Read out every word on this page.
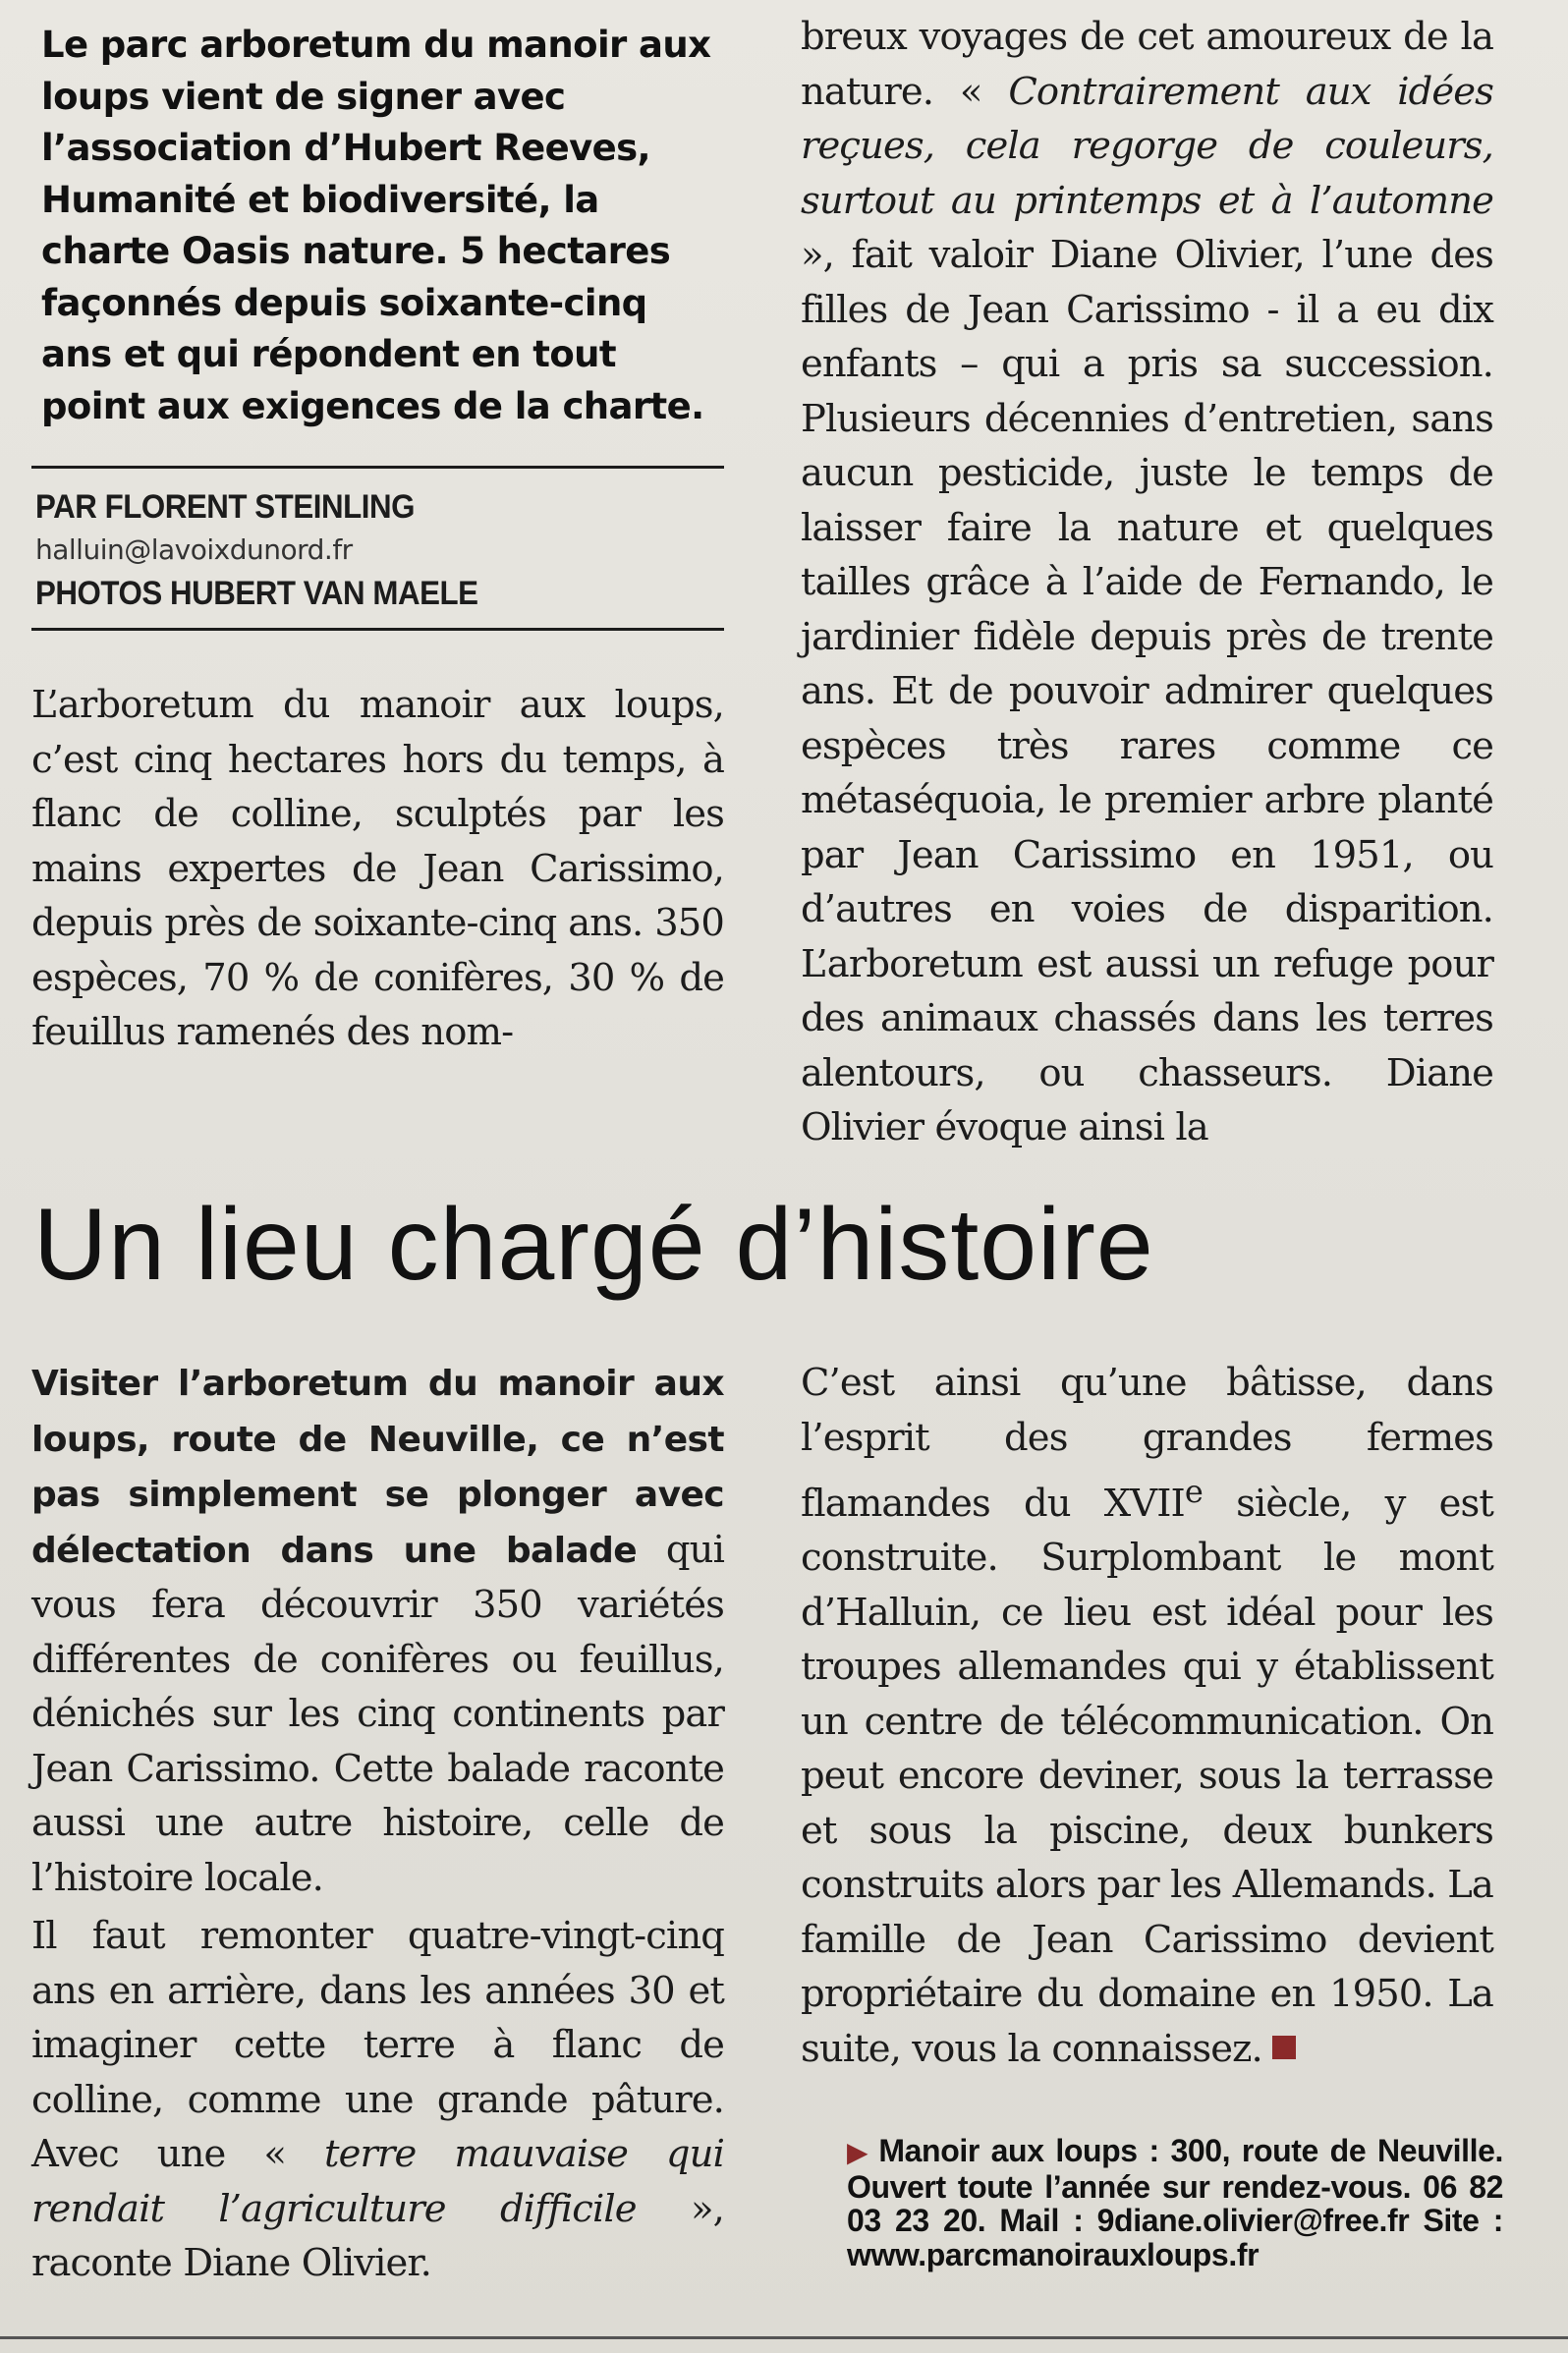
Le parc arboretum du manoir aux loups vient de signer avec l’association d’Hubert Reeves, Humanité et biodiversité, la charte Oasis nature. 5 hectares façonnés depuis soixante-cinq ans et qui répondent en tout point aux exigences de la charte.

PAR FLORENT STEINLING
halluin@lavoixdunord.fr
PHOTOS HUBERT VAN MAELE

L’arboretum du manoir aux loups, c’est cinq hectares hors du temps, à flanc de colline, sculptés par les mains expertes de Jean Carissimo, depuis près de soixante-cinq ans. 350 espèces, 70 % de conifères, 30 % de feuillus ramenés des nom-

breux voyages de cet amoureux de la nature. « Contrairement aux idées reçues, cela regorge de couleurs, surtout au printemps et à l’automne », fait valoir Diane Olivier, l’une des filles de Jean Carissimo - il a eu dix enfants – qui a pris sa succession. Plusieurs décennies d’entretien, sans aucun pesticide, juste le temps de laisser faire la nature et quelques tailles grâce à l’aide de Fernando, le jardinier fidèle depuis près de trente ans. Et de pouvoir admirer quelques espèces très rares comme ce métaséquoia, le premier arbre planté par Jean Carissimo en 1951, ou d’autres en voies de disparition. L’arboretum est aussi un refuge pour des animaux chassés dans les terres alentours, ou chasseurs. Diane Olivier évoque ainsi la

Un lieu chargé d’histoire

Visiter l’arboretum du manoir aux loups, route de Neuville, ce n’est pas simplement se plonger avec délectation dans une balade qui vous fera découvrir 350 variétés différentes de conifères ou feuillus, dénichés sur les cinq continents par Jean Carissimo. Cette balade raconte aussi une autre histoire, celle de l’histoire locale.

Il faut remonter quatre-vingt-cinq ans en arrière, dans les années 30 et imaginer cette terre à flanc de colline, comme une grande pâture. Avec une « terre mauvaise qui rendait l’agriculture difficile », raconte Diane Olivier.

C’est ainsi qu’une bâtisse, dans l’esprit des grandes fermes flamandes du XVIIe siècle, y est construite. Surplombant le mont d’Halluin, ce lieu est idéal pour les troupes allemandes qui y établissent un centre de télécommunication. On peut encore deviner, sous la terrasse et sous la piscine, deux bunkers construits alors par les Allemands. La famille de Jean Carissimo devient propriétaire du domaine en 1950. La suite, vous la connaissez.

▶ Manoir aux loups : 300, route de Neuville. Ouvert toute l’année sur rendez-vous. 06 82 03 23 20. Mail : 9diane.olivier@free.fr Site : www.parcmanoirauxloups.fr
